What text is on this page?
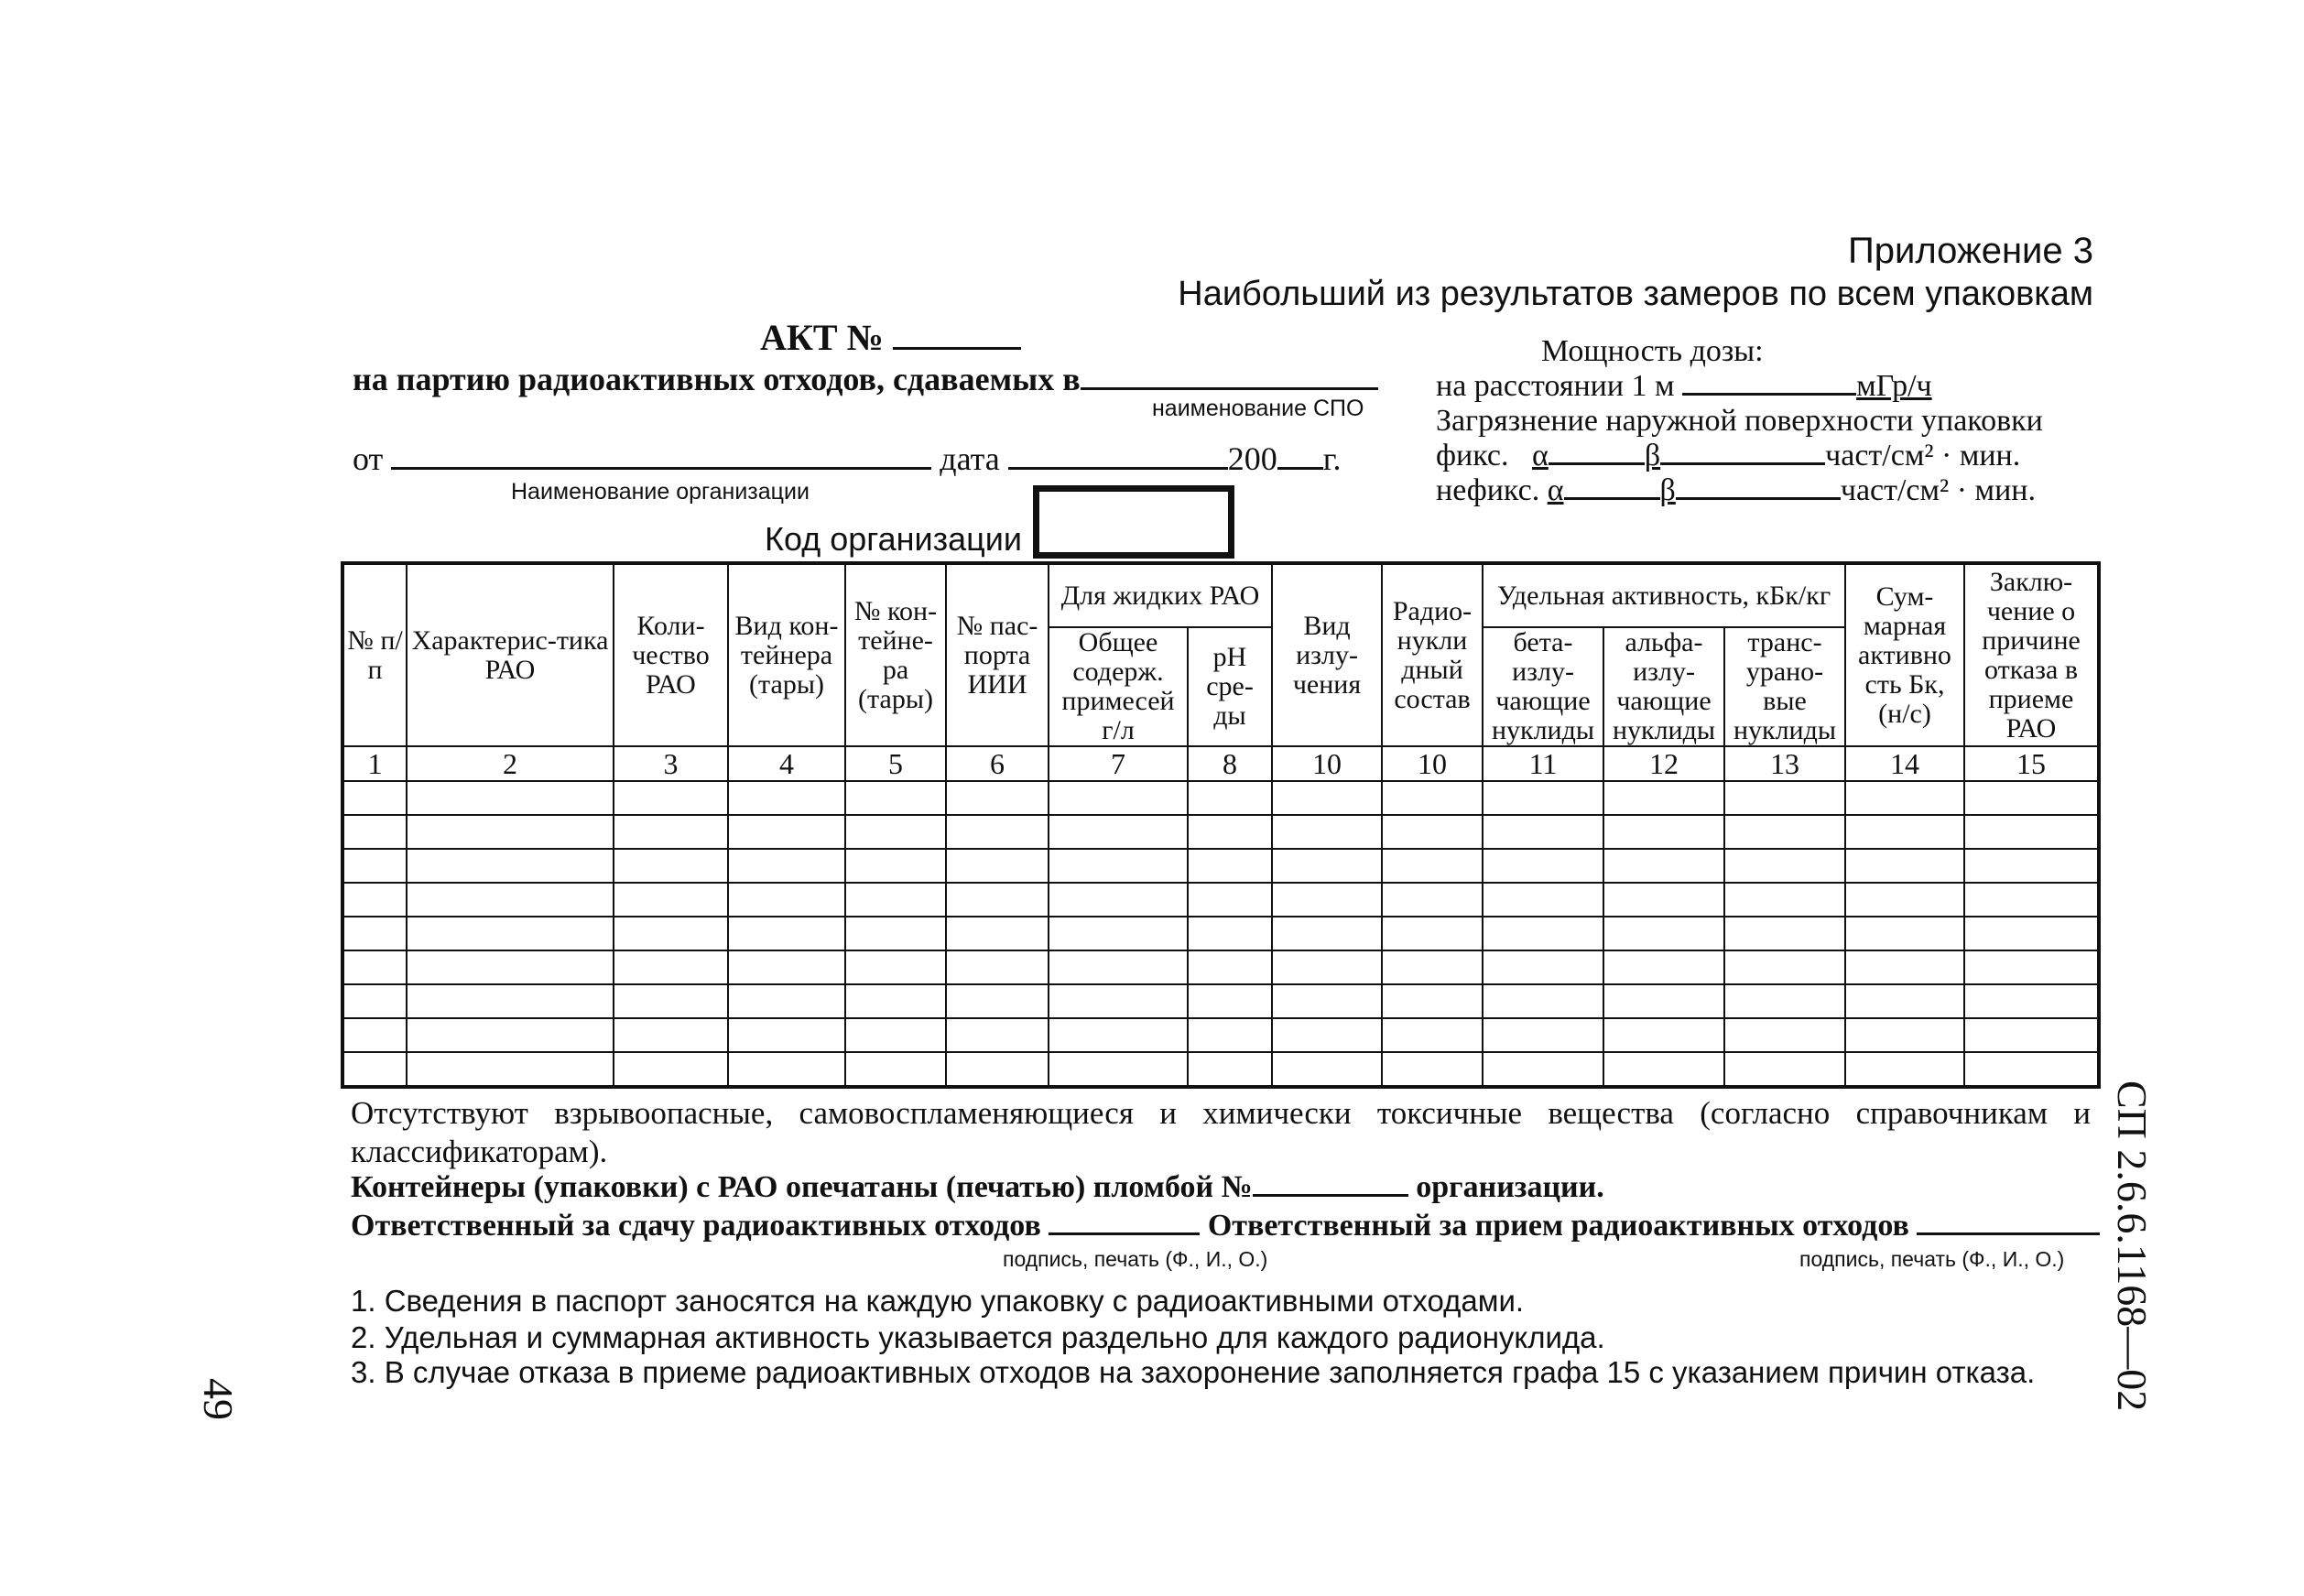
Приложение 3
Наибольший из результатов замеров по всем упаковкам
АКТ №
на партию радиоактивных отходов, сдаваемых в
наименование СПО
от	дата	200 г.
Наименование организации
Код организации
Мощность дозы:
на расстоянии 1 м	мГр/ч
Загрязнение наружной поверхности упаковки
фикс. α	β	част/см² · мин.
нефикс. α	β	част/см² · мин.
№ п/п	Характерис-тика РАО	Коли-чество РАО	Вид кон-тейнера (тары)	№ кон-тейне-ра (тары)	№ пас-порта ИИИ	Для жидких РАО		Вид излу-чения	Радио-нукли дный состав	Удельная активность, кБк/кг			Сум-марная активно сть Бк, (н/с)	Заклю-чение о причине отказа в приеме РАО
						Общее содерж. примесей г/л	рН сре-ды			бета-излу-чающие нуклиды	альфа-излу-чающие нуклиды	транс-урано-вые нуклиды		
1	2	3	4	5	6	7	8	10	10	11	12	13	14	15

Отсутствуют взрывоопасные, самовоспламеняющиеся и химически токсичные вещества (согласно справочникам и классификаторам).
Контейнеры (упаковки) с РАО опечатаны (печатью) пломбой №	организации.
Ответственный за сдачу радиоактивных отходов	Ответственный за прием радиоактивных отходов
подпись, печать (Ф., И., О.)	подпись, печать (Ф., И., О.)
1. Сведения в паспорт заносятся на каждую упаковку с радиоактивными отходами.
2. Удельная и суммарная активность указывается раздельно для каждого радионуклида.
3. В случае отказа в приеме радиоактивных отходов на захоронение заполняется графа 15 с указанием причин отказа.
49	СП 2.6.6.1168—02
